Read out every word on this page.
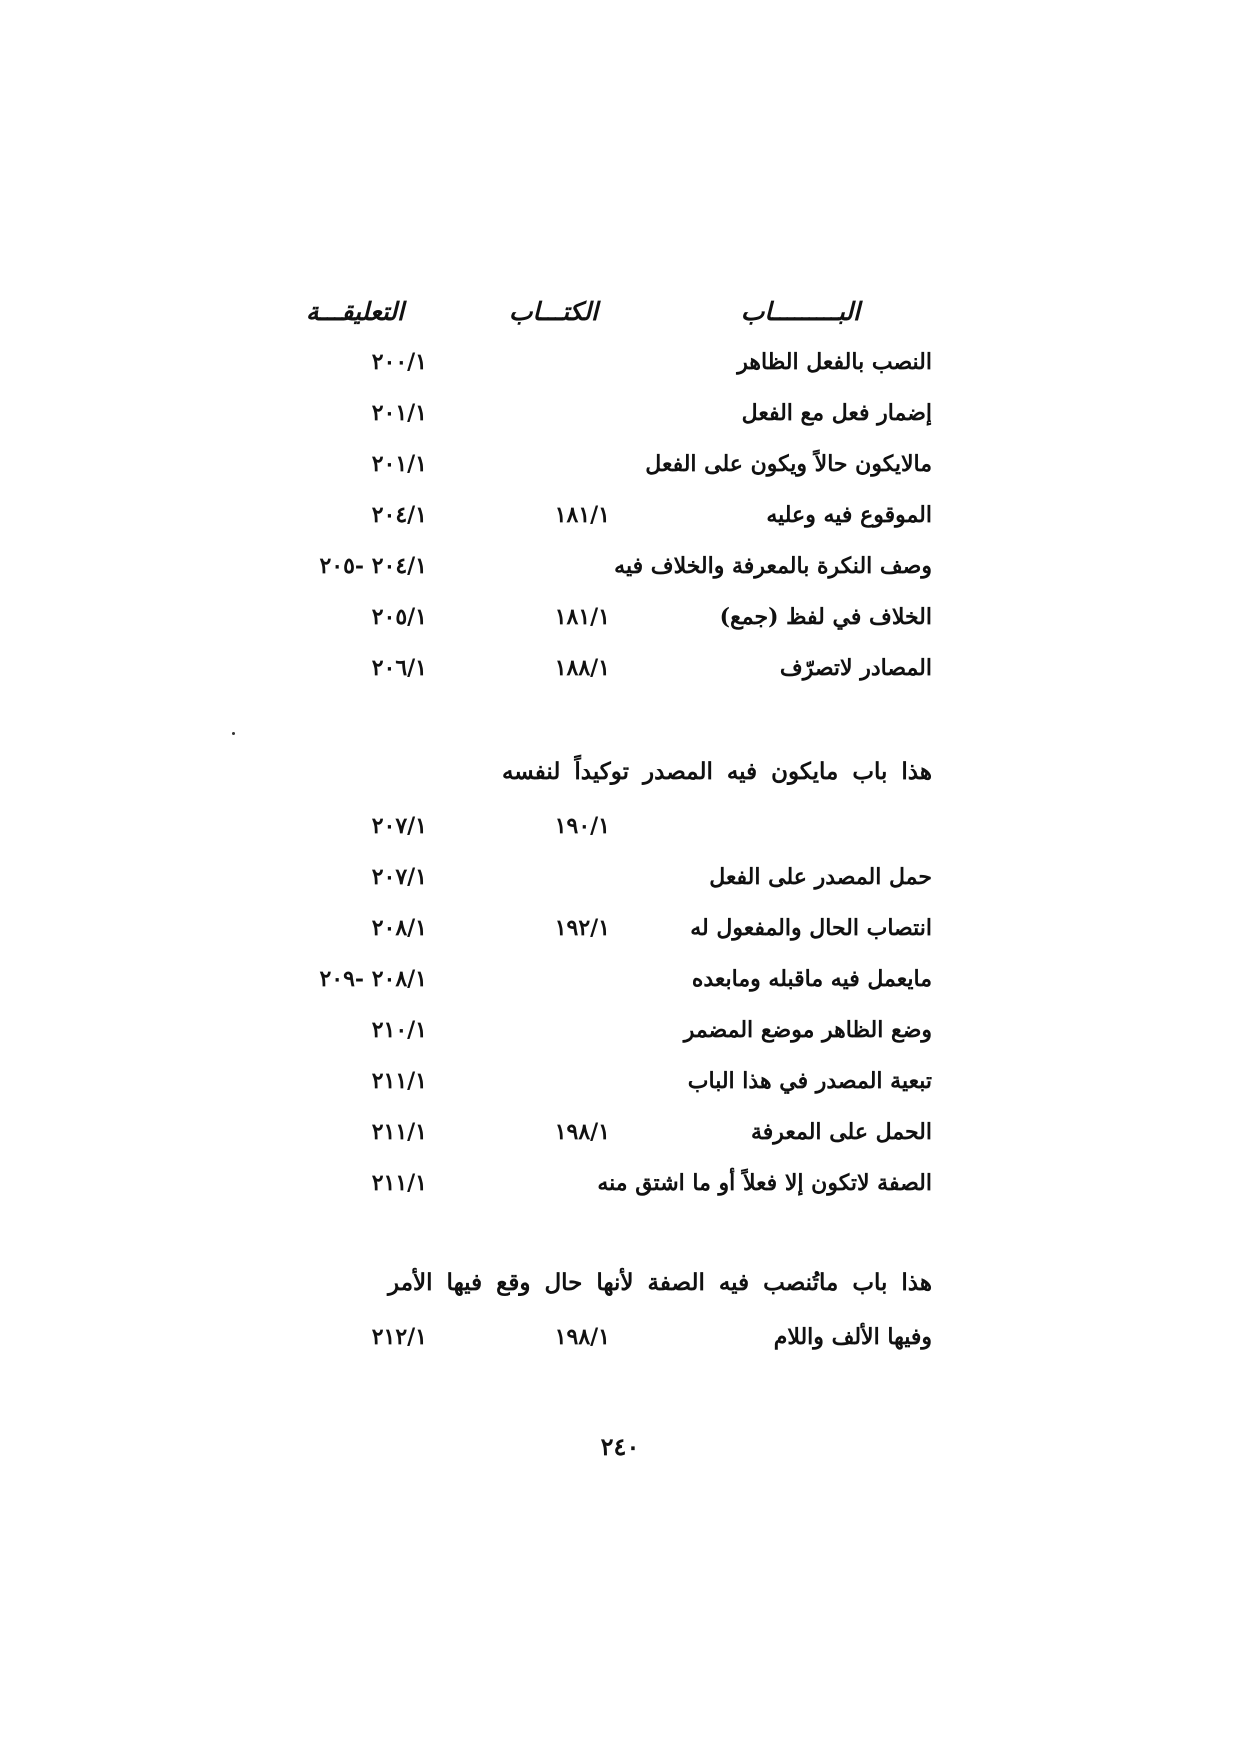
البـــــــــاب
الكتـــاب
التعليقـــة
النصب بالفعل الظاهر
٢٠٠/١
إضمار فعل مع الفعل
٢٠١/١
مالايكون حالاً ويكون على الفعل
٢٠١/١
الموقوع فيه وعليه
١٨١/١
٢٠٤/١
وصف النكرة بالمعرفة والخلاف فيه
٢٠٤/١ -٢٠٥
الخلاف في لفظ (جمع)
١٨١/١
٢٠٥/١
المصادر لاتصرّف
١٨٨/١
٢٠٦/١
هذا باب مايكون فيه المصدر توكيداً لنفسه
١٩٠/١
٢٠٧/١
حمل المصدر على الفعل
٢٠٧/١
انتصاب الحال والمفعول له
١٩٢/١
٢٠٨/١
مايعمل فيه ماقبله ومابعده
٢٠٨/١ -٢٠٩
وضع الظاهر موضع المضمر
٢١٠/١
تبعية المصدر في هذا الباب
٢١١/١
الحمل على المعرفة
١٩٨/١
٢١١/١
الصفة لاتكون إلا فعلاً أو ما اشتق منه
٢١١/١
هذا باب ماتُنصب فيه الصفة لأنها حال وقع فيها الأمر
وفيها الألف واللام
١٩٨/١
٢١٢/١
٢٤٠
